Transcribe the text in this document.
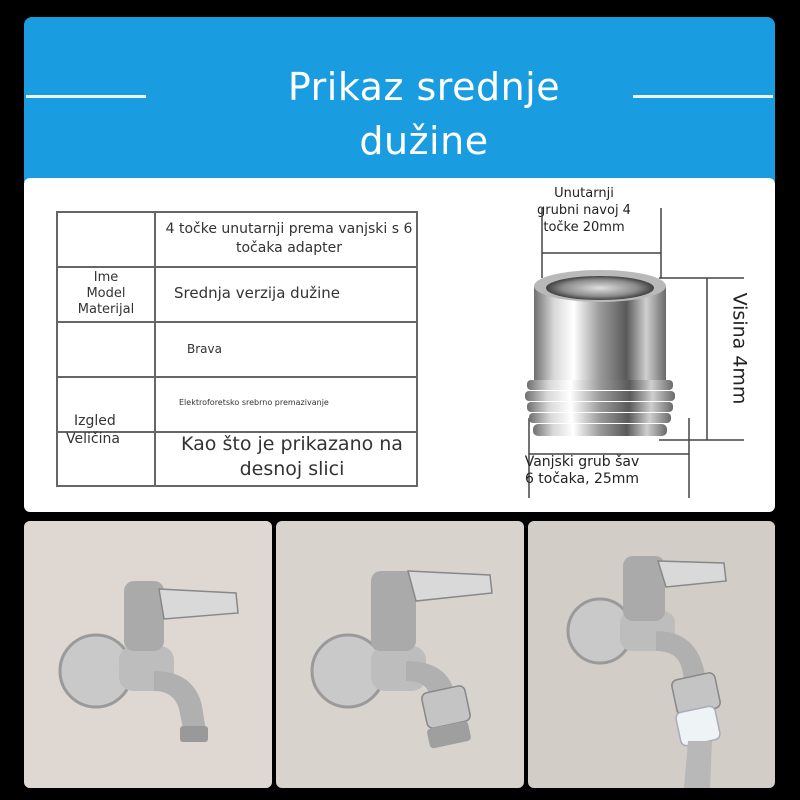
Prikaz srednje dužine
4 točke unutarnji prema vanjski s 6 točaka adapter
Ime
Model
Materijal
Srednja verzija dužine
Brava
Elektroforetsko srebrno premazivanje
Izgled
Veličina	Kao što je prikazano na desnoj slici
Unutarnji grubni navoj 4 točke 20mm
Visina 4mm
Vanjski grub šav 6 točaka, 25mm
